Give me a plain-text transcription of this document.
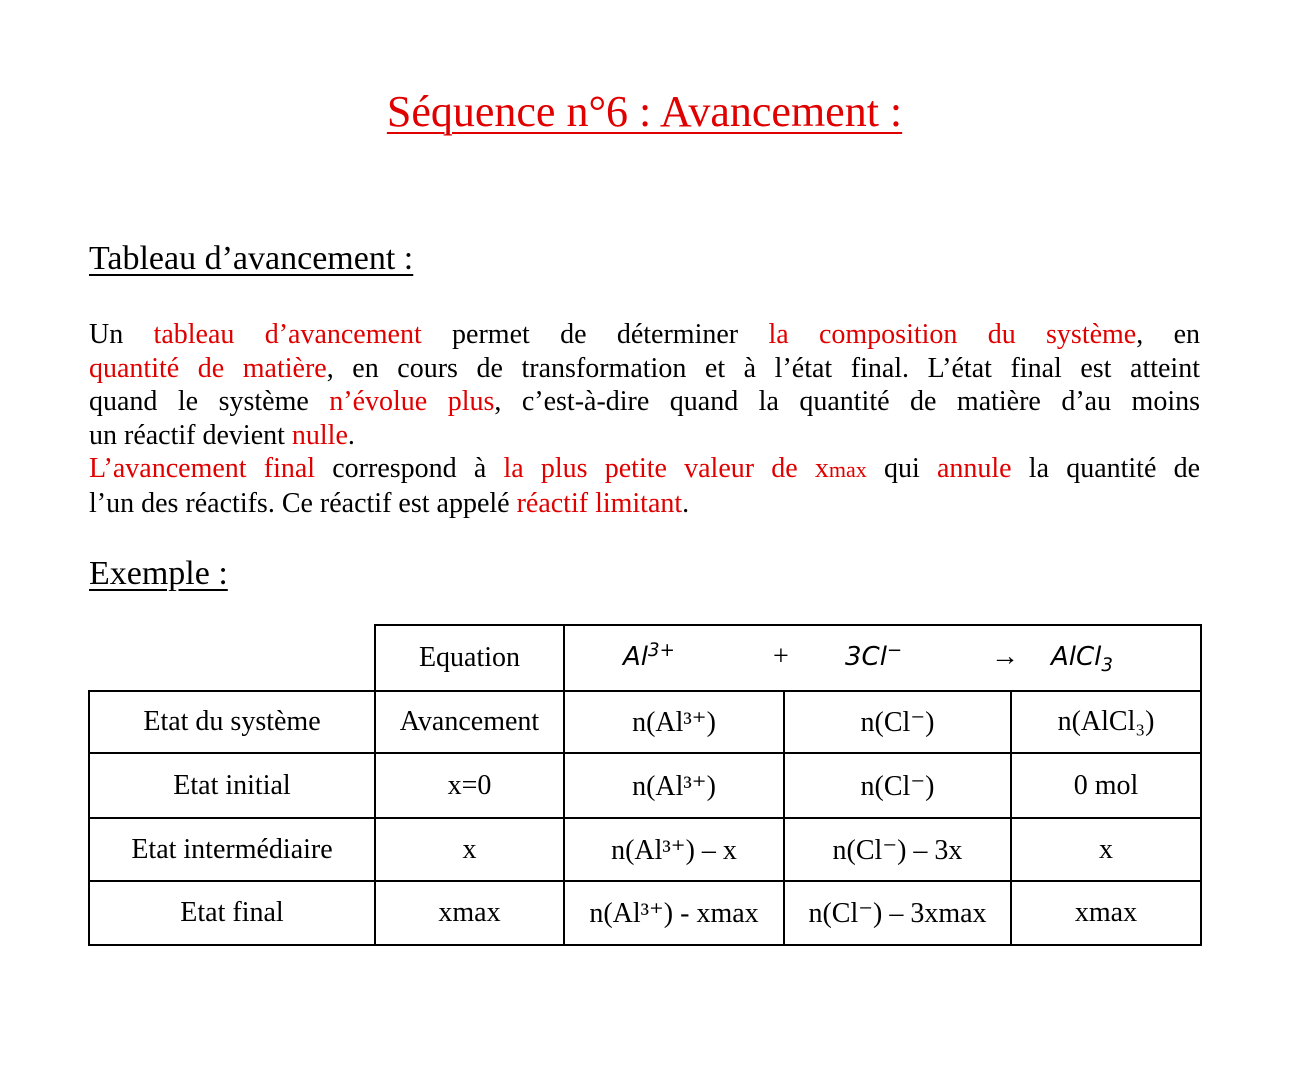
Séquence n°6 : Avancement :
Tableau d’avancement :
Un tableau d’avancement permet de déterminer la composition du système, en
quantité de matière, en cours de transformation et à l’état final. L’état final est atteint
quand le système n’évolue plus, c’est-à-dire quand la quantité de matière d’au moins
un réactif devient nulle.
L’avancement final correspond à la plus petite valeur de xmax qui annule la quantité de
l’un des réactifs. Ce réactif est appelé réactif limitant.
Exemple :
	Equation	$Al^{3+} + 3Cl^-$ → AlCl$_3$
Etat du système	Avancement	n(Al³⁺)	n(Cl⁻)	n(AlCl₃)
Etat initial	x=0	n(Al³⁺)	n(Cl⁻)	0 mol
Etat intermédiaire	x	n(Al³⁺) – x	n(Cl⁻) – 3x	x
Etat final	xmax	n(Al³⁺) - xmax	n(Cl⁻) – 3xmax	xmax
